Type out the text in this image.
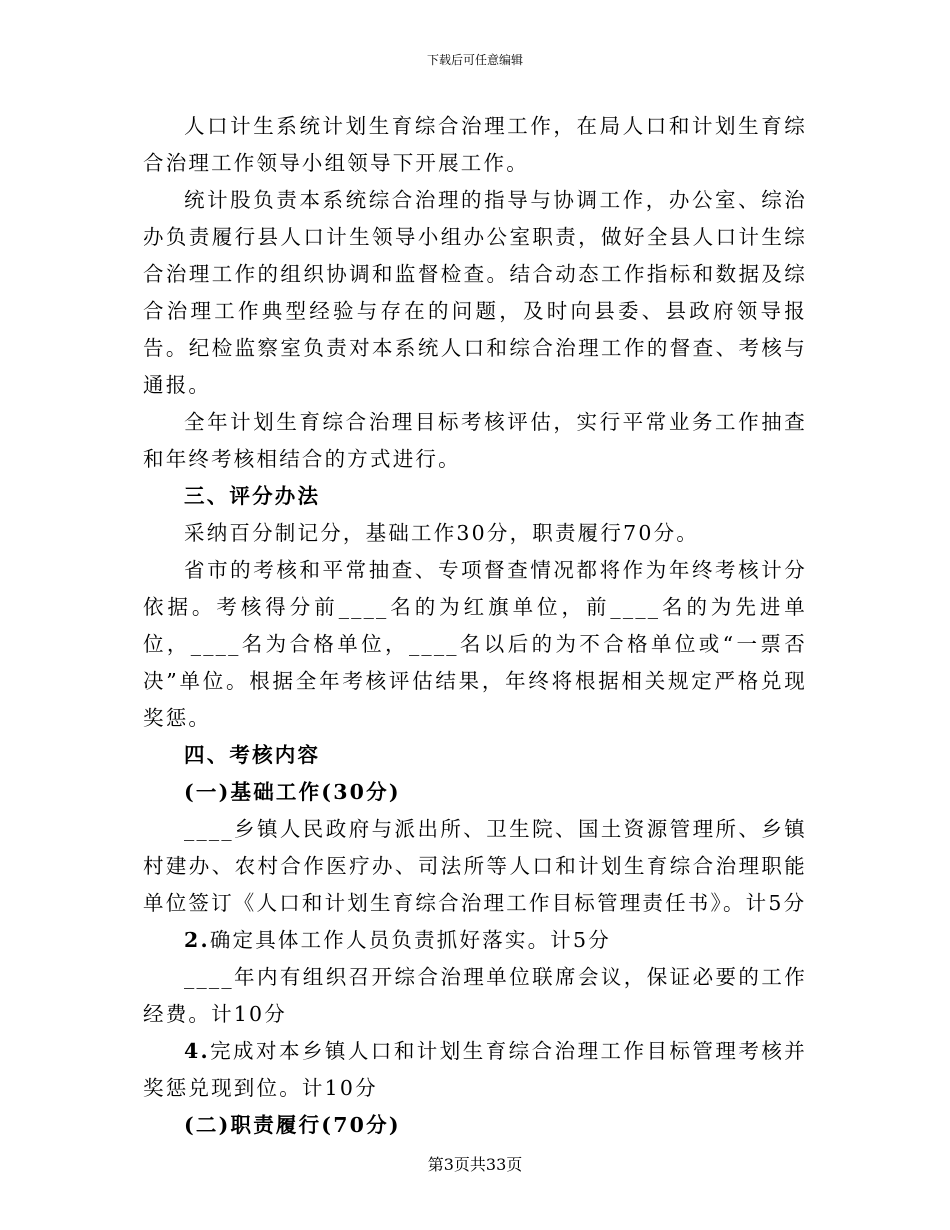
下载后可任意编辑

人口计生系统计划生育综合治理工作，在局人口和计划生育综合治理工作领导小组领导下开展工作。

统计股负责本系统综合治理的指导与协调工作，办公室、综治办负责履行县人口计生领导小组办公室职责，做好全县人口计生综合治理工作的组织协调和监督检查。结合动态工作指标和数据及综合治理工作典型经验与存在的问题，及时向县委、县政府领导报告。纪检监察室负责对本系统人口和综合治理工作的督查、考核与通报。

全年计划生育综合治理目标考核评估，实行平常业务工作抽查和年终考核相结合的方式进行。

三、评分办法

采纳百分制记分，基础工作30分，职责履行70分。

省市的考核和平常抽查、专项督查情况都将作为年终考核计分依据。考核得分前____名的为红旗单位，前____名的为先进单位，____名为合格单位，____名以后的为不合格单位或“一票否决”单位。根据全年考核评估结果，年终将根据相关规定严格兑现奖惩。

四、考核内容

(一)基础工作(30分)

____乡镇人民政府与派出所、卫生院、国土资源管理所、乡镇村建办、农村合作医疗办、司法所等人口和计划生育综合治理职能单位签订《人口和计划生育综合治理工作目标管理责任书》。计5分

2.确定具体工作人员负责抓好落实。计5分

____年内有组织召开综合治理单位联席会议，保证必要的工作经费。计10分

4.完成对本乡镇人口和计划生育综合治理工作目标管理考核并奖惩兑现到位。计10分

(二)职责履行(70分)

第3页共33页
